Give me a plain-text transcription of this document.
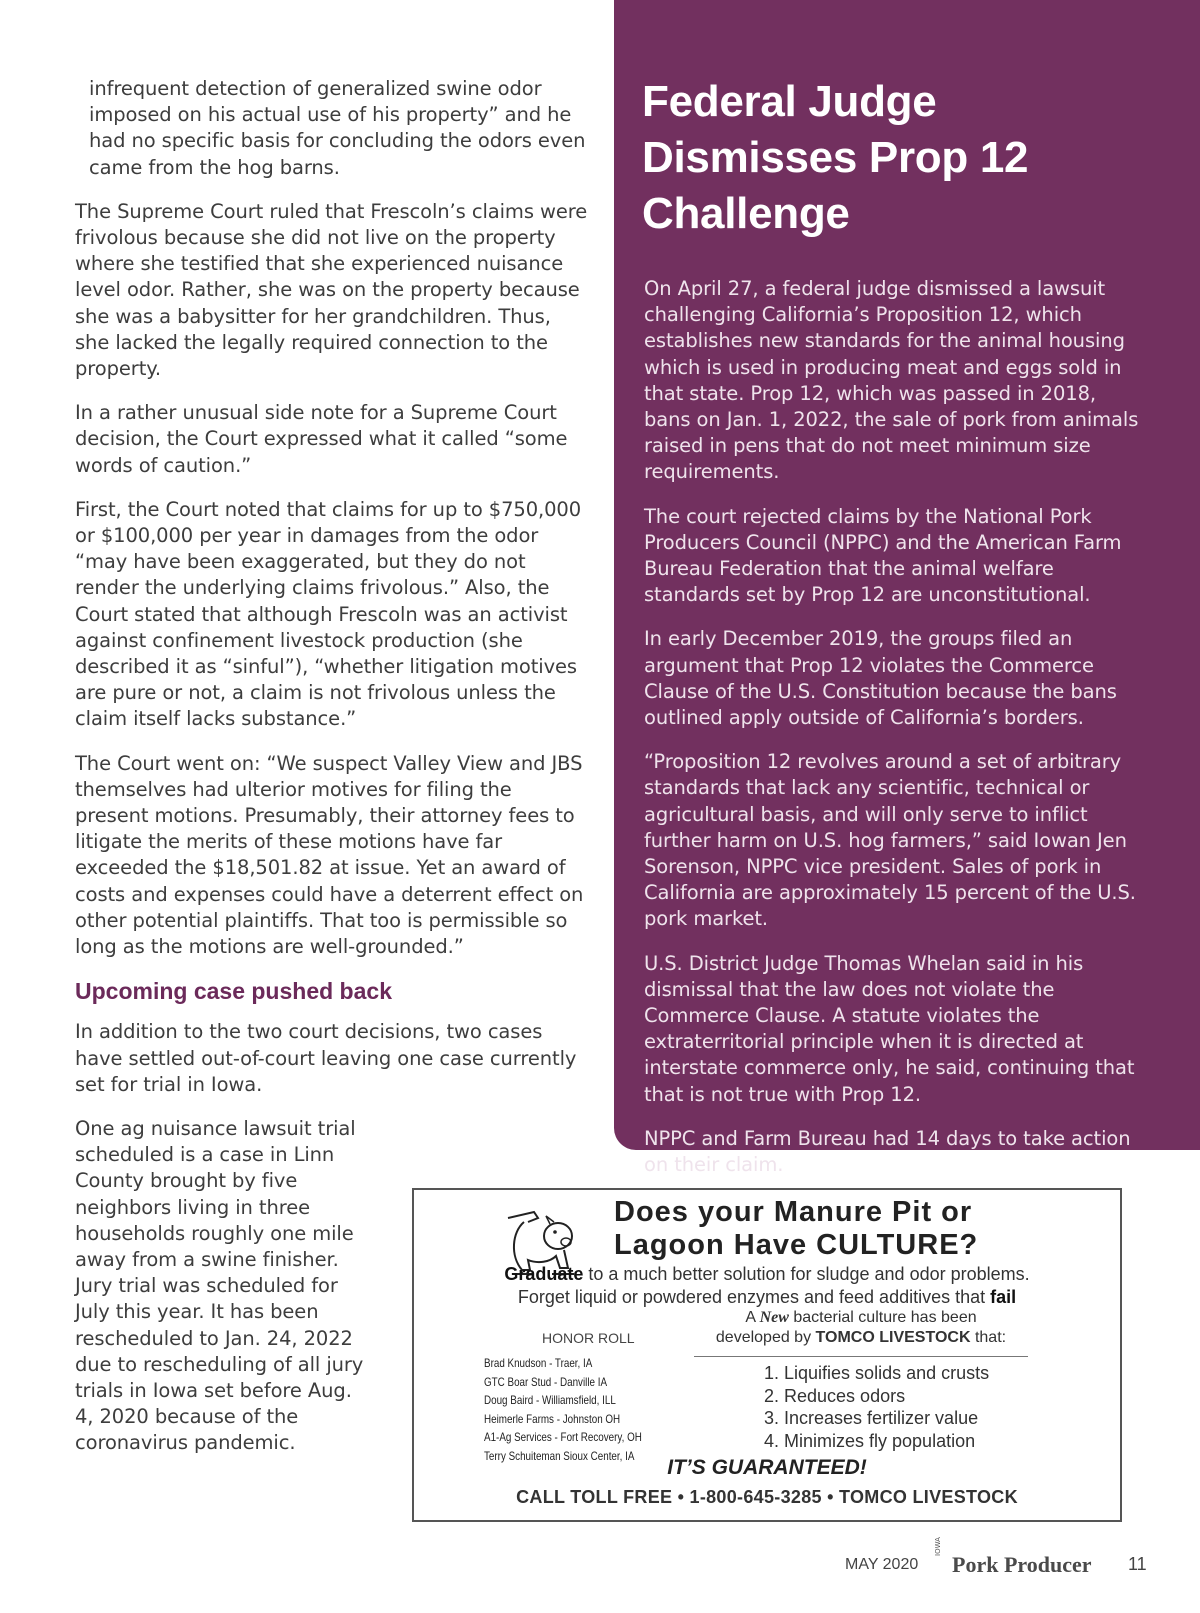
infrequent detection of generalized swine odor imposed on his actual use of his property” and he had no specific basis for concluding the odors even came from the hog barns.

The Supreme Court ruled that Frescoln’s claims were frivolous because she did not live on the property where she testified that she experienced nuisance level odor. Rather, she was on the property because she was a babysitter for her grandchildren. Thus, she lacked the legally required connection to the property.

In a rather unusual side note for a Supreme Court decision, the Court expressed what it called “some words of caution.”

First, the Court noted that claims for up to $750,000 or $100,000 per year in damages from the odor “may have been exaggerated, but they do not render the underlying claims frivolous.” Also, the Court stated that although Frescoln was an activist against confinement livestock production (she described it as “sinful”), “whether litigation motives are pure or not, a claim is not frivolous unless the claim itself lacks substance.”

The Court went on: “We suspect Valley View and JBS themselves had ulterior motives for filing the present motions. Presumably, their attorney fees to litigate the merits of these motions have far exceeded the $18,501.82 at issue. Yet an award of costs and expenses could have a deterrent effect on other potential plaintiffs. That too is permissible so long as the motions are well-grounded.”

Upcoming case pushed back

In addition to the two court decisions, two cases have settled out-of-court leaving one case currently set for trial in Iowa.

One ag nuisance lawsuit trial scheduled is a case in Linn County brought by five neighbors living in three households roughly one mile away from a swine finisher. Jury trial was scheduled for July this year. It has been rescheduled to Jan. 24, 2022 due to rescheduling of all jury trials in Iowa set before Aug. 4, 2020 because of the coronavirus pandemic.

Federal Judge Dismisses Prop 12 Challenge

On April 27, a federal judge dismissed a lawsuit challenging California’s Proposition 12, which establishes new standards for the animal housing which is used in producing meat and eggs sold in that state. Prop 12, which was passed in 2018, bans on Jan. 1, 2022, the sale of pork from animals raised in pens that do not meet minimum size requirements.

The court rejected claims by the National Pork Producers Council (NPPC) and the American Farm Bureau Federation that the animal welfare standards set by Prop 12 are unconstitutional.

In early December 2019, the groups filed an argument that Prop 12 violates the Commerce Clause of the U.S. Constitution because the bans outlined apply outside of California’s borders.

“Proposition 12 revolves around a set of arbitrary standards that lack any scientific, technical or agricultural basis, and will only serve to inflict further harm on U.S. hog farmers,” said Iowan Jen Sorenson, NPPC vice president. Sales of pork in California are approximately 15 percent of the U.S. pork market.

U.S. District Judge Thomas Whelan said in his dismissal that the law does not violate the Commerce Clause. A statute violates the extraterritorial principle when it is directed at interstate commerce only, he said, continuing that that is not true with Prop 12.

NPPC and Farm Bureau had 14 days to take action on their claim.

Does your Manure Pit or
Lagoon Have CULTURE?
Graduate to a much better solution for sludge and odor problems.
Forget liquid or powdered enzymes and feed additives that fail
HONOR ROLL
Brad Knudson - Traer, IA
GTC Boar Stud - Danville IA
Doug Baird - Williamsfield, ILL
Heimerle Farms - Johnston OH
A1-Ag Services - Fort Recovery, OH
Terry Schuiteman Sioux Center, IA
A New bacterial culture has been
developed by TOMCO LIVESTOCK that:
1. Liquifies solids and crusts
2. Reduces odors
3. Increases fertilizer value
4. Minimizes fly population
IT’S GUARANTEED!
CALL TOLL FREE • 1-800-645-3285 • TOMCO LIVESTOCK
MAY 2020
IOWA
Pork Producer 11
